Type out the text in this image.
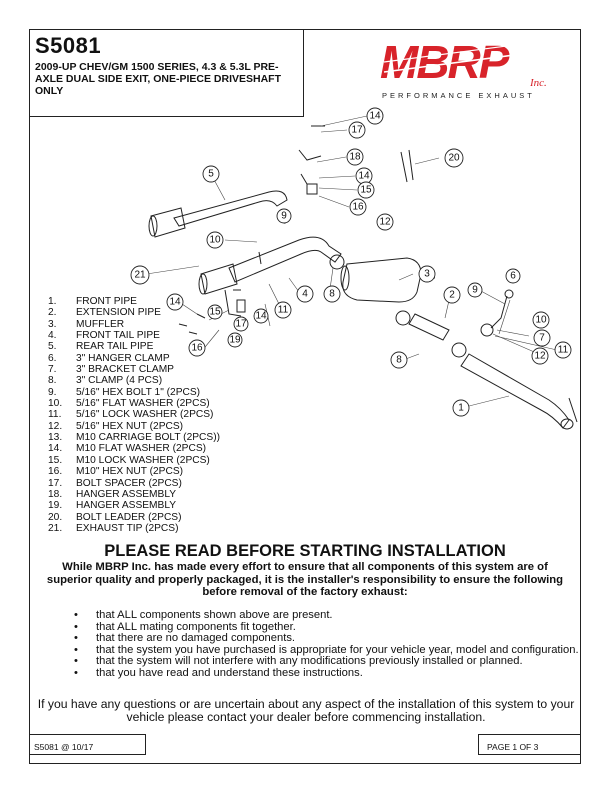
S5081
2009-UP CHEV/GM 1500 SERIES, 4.3 & 5.3L PRE-AXLE DUAL SIDE EXIT, ONE-PIECE DRIVESHAFT ONLY
MBRP Inc.
PERFORMANCE EXHAUST
14
17
18
14
15
16
20
5
9
10
21	3
2
4 8
11
14
9
6
10
7
11
12
8
1
14
15
19
17
16
12
1. FRONT PIPE
2. EXTENSION PIPE
3. MUFFLER
4. FRONT TAIL PIPE
5. REAR TAIL PIPE
6. 3" HANGER CLAMP
7. 3" BRACKET CLAMP
8. 3" CLAMP (4 PCS)
9. 5/16" HEX BOLT 1" (2PCS)
10. 5/16" FLAT WASHER (2PCS)
11. 5/16" LOCK WASHER (2PCS)
12. 5/16" HEX NUT (2PCS)
13. M10 CARRIAGE BOLT (2PCS))
14. M10 FLAT WASHER (2PCS)
15. M10 LOCK WASHER (2PCS)
16. M10" HEX NUT (2PCS)
17. BOLT SPACER (2PCS)
18. HANGER ASSEMBLY
19. HANGER ASSEMBLY
20. BOLT LEADER (2PCS)
21. EXHAUST TIP (2PCS)
PLEASE READ BEFORE STARTING INSTALLATION
While MBRP Inc. has made every effort to ensure that all components of this system are of superior quality and properly packaged, it is the installer's responsibility to ensure the following before removal of the factory exhaust:
• that ALL components shown above are present.
• that ALL mating components fit together.
• that there are no damaged components.
• that the system you have purchased is appropriate for your vehicle year, model and configuration.
• that the system will not interfere with any modifications previously installed or planned.
• that you have read and understand these instructions.
If you have any questions or are uncertain about any aspect of the installation of this system to your vehicle please contact your dealer before commencing installation.
S5081 @ 10/17	PAGE 1 OF 3
